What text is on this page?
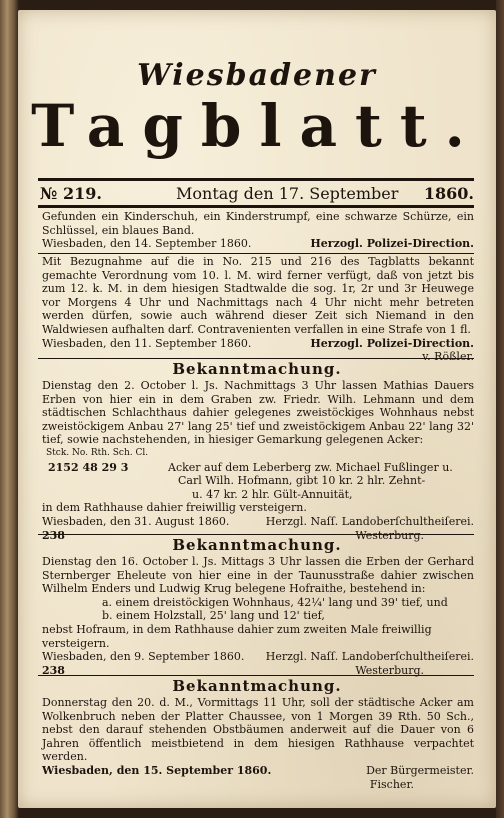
Wiesbadener
Tagblatt.
№ 219.	Montag den 17. September 1860.

Gefunden ein Kinderschuh, ein Kinderstrumpf, eine schwarze Schürze, ein Schlüssel, ein blaues Band.

Wiesbaden, den 14. September 1860.	Herzogl. Polizei-Direction.

Mit Bezugnahme auf die in No. 215 und 216 des Tagblatts bekannt gemachte Verordnung vom 10. l. M. wird ferner verfügt, daß von jetzt bis zum 12. k. M. in dem hiesigen Stadtwalde die sog. 1r, 2r und 3r Heuwege vor Morgens 4 Uhr und Nachmittags nach 4 Uhr nicht mehr betreten werden dürfen, sowie auch während dieser Zeit sich Niemand in den Waldwiesen aufhalten darf. Contravenienten verfallen in eine Strafe von 1 fl.

Wiesbaden, den 11. September 1860.	Herzogl. Polizei-Direction.
v. Rößler.
Bekanntmachung.

Dienstag den 2. October l. Js. Nachmittags 3 Uhr lassen Mathias Dauers Erben von hier ein in dem Graben zw. Friedr. Wilh. Lehmann und dem städtischen Schlachthaus dahier gelegenes zweistöckiges Wohnhaus nebst zweistöckigem Anbau 27' lang 25' tief und zweistöckigem Anbau 22' lang 32' tief, sowie nachstehenden, in hiesiger Gemarkung gelegenen Acker:

Stck. No. Rth. Sch. Cl.
2152 48 29 3	Acker auf dem Leberberg zw. Michael Fußlinger u.
Carl Wilh. Hofmann, gibt 10 kr. 2 hlr. Zehnt-
u. 47 kr. 2 hlr. Gült-Annuität,
in dem Rathhause dahier freiwillig versteigern.
Wiesbaden, den 31. August 1860.	Herzgl. Naſſ. Landoberſchultheiſerei.
238	Westerburg.
Bekanntmachung.

Dienstag den 16. October l. Js. Mittags 3 Uhr lassen die Erben der Gerhard Sternberger Eheleute von hier eine in der Taunusstraße dahier zwischen Wilhelm Enders und Ludwig Krug belegene Hofraithe, bestehend in:

a. einem dreistöckigen Wohnhaus, 42¼' lang und 39' tief, und
b. einem Holzstall, 25' lang und 12' tief,
nebst Hofraum, in dem Rathhause dahier zum zweiten Male freiwillig versteigern.
Wiesbaden, den 9. September 1860. Herzgl. Naſſ. Landoberſchultheiſerei.
238	Westerburg.
Bekanntmachung.

Donnerstag den 20. d. M., Vormittags 11 Uhr, soll der städtische Acker am Wolkenbruch neben der Platter Chaussee, von 1 Morgen 39 Rth. 50 Sch., nebst den darauf stehenden Obstbäumen anderweit auf die Dauer von 6 Jahren öffentlich meistbietend in dem hiesigen Rathhause verpachtet werden.

Wiesbaden, den 15. September 1860.	Der Bürgermeister.
Fischer.
